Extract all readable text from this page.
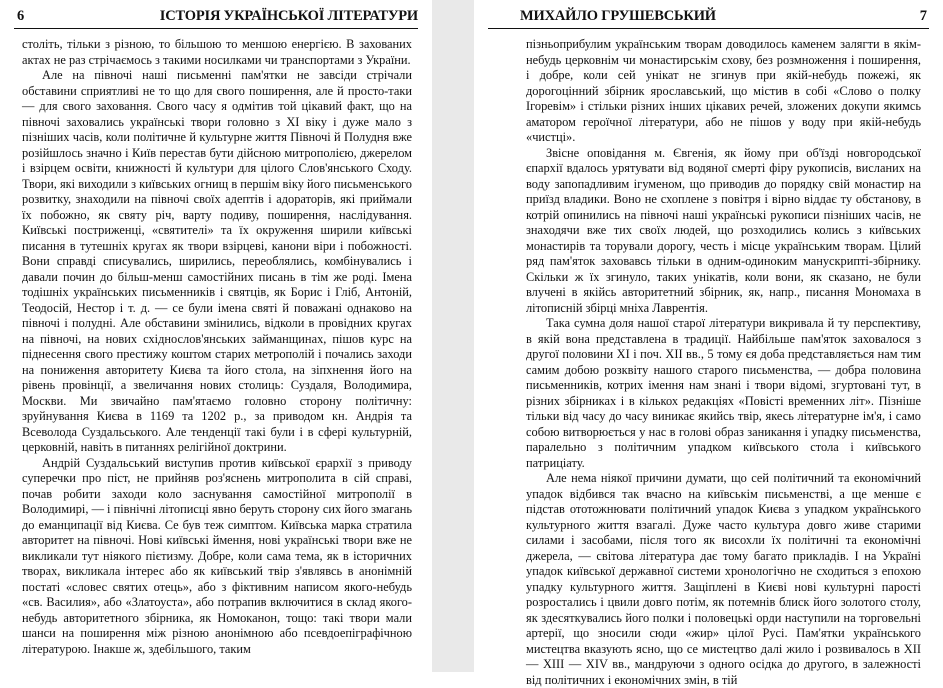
6	ІСТОРІЯ УКРАЇНСЬКОЇ ЛІТЕРАТУРИ

століть, тільки з різною, то більшою то меншою енергією. В захованих актах не раз стрічаємось з такими носилками чи транспортами з України.

Але на півночі наші письменні пам'ятки не завсіди стрічали обставини сприятливі не то що для свого поширення, але й просто-таки — для свого заховання. Свого часу я одмітив той цікавий факт, що на півночі заховались українські твори головно з XI віку і дуже мало з пізніших часів, коли політичне й культурне життя Півночі й Полудня вже розійшлось значно і Київ перестав бути дійсною митрополією, джерелом і взірцем освіти, книжності й культури для цілого Слов'янського Сходу. Твори, які виходили з київських огнищ в першім віку його письменського розвитку, знаходили на півночі своїх адептів і адораторів, які приймали їх побожно, як святу річ, варту подиву, поширення, наслідування. Київські постриженці, «святителі» та їх окруження ширили київські писання в тутешніх кругах як твори взірцеві, канони віри і побожності. Вони справді списувались, ширились, переоблялись, комбінувались і давали почин до більш-менш самостійних писань в тім же роді. Імена тодішніх українських письменників і святців, як Борис і Гліб, Антоній, Теодосій, Нестор і т. д. — се були імена святі й поважані однаково на півночі і полудні. Але обставини змінились, відколи в провідних кругах на півночі, на нових східнослов'янських займанщинах, пішов курс на піднесення свого престижу коштом старих метрополій і почались заходи на пониження авторитету Києва та його стола, на зіпхнення його на рівень провінції, а звеличання нових столиць: Суздаля, Володимира, Москви. Ми звичайно пам'ятаємо головно сторону політичну: зруйнування Києва в 1169 та 1202 р., за приводом кн. Андрія та Всеволода Суздальського. Але тенденції такі були і в сфері культурній, церковній, навіть в питаннях релігійної доктрини.

Андрій Суздальський виступив против київської єрархії з приводу суперечки про піст, не прийняв роз'яснень митрополита в сій справі, почав робити заходи коло заснування самостійної митрополії в Володимирі, — і північні літописці явно беруть сторону сих його змагань до еманципації від Києва. Се був теж симптом. Київська марка стратила авторитет на півночі. Нові київські ймення, нові українські твори вже не викликали тут ніякого пієтизму. Добре, коли сама тема, як в історичних творах, викликала інтерес або як київський твір з'являвсь в анонімній постаті «словес святих отець», або з фіктивним написом якого-небудь «св. Василия», або «Златоуста», або потрапив включитися в склад якого-небудь авторитетного збірника, як Номоканон, тощо: такі твори мали шанси на поширення між різною анонімною або псевдоепіграфічною літературою. Інакше ж, здебільшого, таким

МИХАЙЛО ГРУШЕВСЬКИЙ	7

пізньоприбулим українським творам доводилось каменем залягти в якім-небудь церковнім чи монастирськім схову, без розмноження і поширення, і добре, коли сей унікат не згинув при якій-небудь пожежі, як дорогоцінний збірник ярославський, що містив в собі «Слово о полку Ігоревім» і стільки різних інших цікавих речей, зложених докупи якимсь аматором героїчної літератури, або не пішов у воду при якій-небудь «чистці».

Звісне оповідання м. Євгенія, як йому при об'їзді новгородської єпархії вдалось урятувати від водяної смерті фіру рукописів, висланих на воду запопадливим ігуменом, що приводив до порядку свій монастир на приїзд владики. Воно не схоплене з повітря і вірно віддає ту обстанову, в котрій опинились на півночі наші українські рукописи пізніших часів, не знаходячи вже тих своїх людей, що розходились колись з київських монастирів та торували дорогу, честь і місце українським творам. Цілий ряд пам'яток заховавсь тільки в одним-одиноким манускрипті-збірнику. Скільки ж їх згинуло, таких унікатів, коли вони, як сказано, не були влучені в якійсь авторитетний збірник, як, напр., писання Мономаха в літописній збірці мніха Лаврентія.

Така сумна доля нашої старої літератури викривала й ту перспективу, в якій вона представлена в традиції. Найбільше пам'яток заховалося з другої половини XI і поч. XII вв., 5 тому єя доба представляється нам тим самим добою розквіту нашого старого письменства, — добра половина письменників, котрих імення нам знані і твори відомі, згуртовані тут, в різних збірниках і в кількох редакціях «Повісті временних літ». Пізніше тільки від часу до часу виникає якийсь твір, якесь літературне ім'я, і само собою витворюється у нас в голові образ заникання і упадку письменства, паралельно з політичним упадком київського стола і київського патриціату.

Але нема ніякої причини думати, що сей політичний та економічний упадок відбився так вчасно на київськім письменстві, а ще менше є підстав ототожнювати політичний упадок Києва з упадком українського культурного життя взагалі. Дуже часто культура довго живе старими силами і засобами, після того як висохли їх політичні та економічні джерела, — світова література дає тому багато прикладів. І на Україні упадок київської державної системи хронологічно не сходиться з епохою упадку культурного життя. Защіплені в Києві нові культурні парості розростались і цвили довго потім, як потемнів блиск його золотого столу, як здесяткувались його полки і половецькі орди наступили на торговельні артерії, що зносили сюди «жир» цілої Русі. Пам'ятки українського мистецтва вказують ясно, що се мистецтво далі жило і розвивалось в XII — XIII — XIV вв., мандруючи з одного осідка до другого, в залежності від політичних і економічних змін, в тій
